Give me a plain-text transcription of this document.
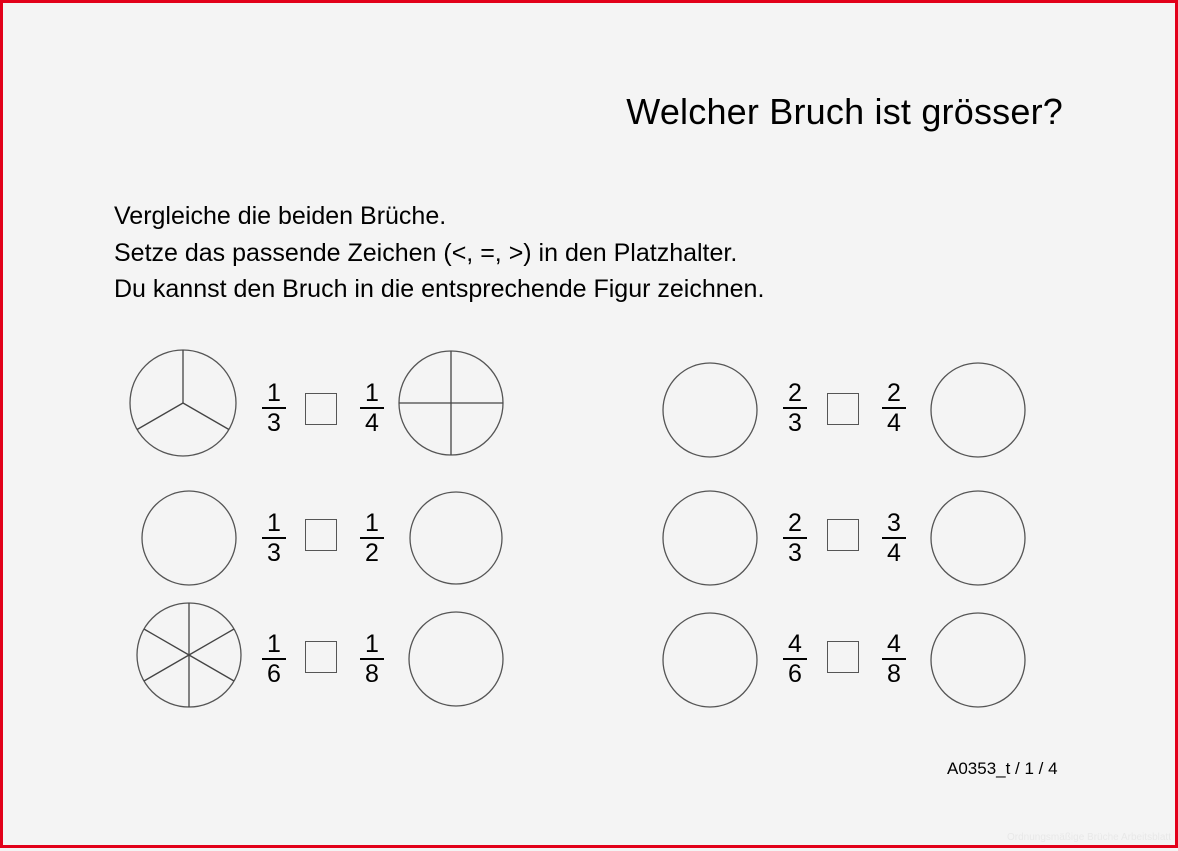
Welcher Bruch ist grösser?
Vergleiche die beiden Brüche.
Setze das passende Zeichen (<, =, >) in den Platzhalter.
Du kannst den Bruch in die entsprechende Figur zeichnen.
$\frac{1}{3}$	$\frac{1}{4}$
$\frac{1}{3}$	$\frac{1}{2}$
$\frac{1}{6}$	$\frac{1}{8}$
$\frac{2}{3}$	$\frac{2}{4}$
$\frac{2}{3}$	$\frac{3}{4}$
$\frac{4}{6}$	$\frac{4}{8}$
A0353_t / 1 / 4
Ordnungsmäßige Brüche Arbeitsblatt
